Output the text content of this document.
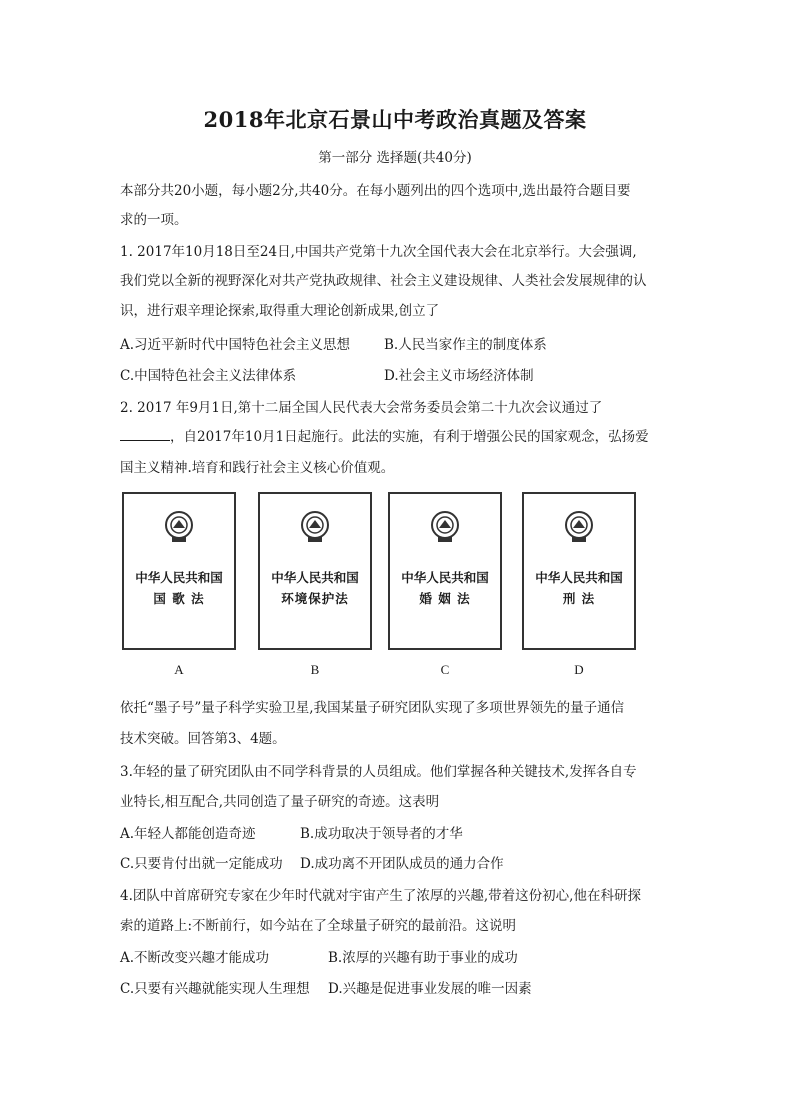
2018年北京石景山中考政治真题及答案
第一部分 选择题(共40分)
本部分共20小题，每小题2分,共40分。在每小题列出的四个选项中,选出最符合题目要
求的一项。
1. 2017年10月18日至24日,中国共产党第十九次全国代表大会在北京举行。大会强调,
我们党以全新的视野深化对共产党执政规律、社会主义建设规律、人类社会发展规律的认
识，进行艰辛理论探索,取得重大理论创新成果,创立了
A.习近平新时代中国特色社会主义思想	B.人民当家作主的制度体系
C.中国特色社会主义法律体系	D.社会主义市场经济体制
2. 2017 年9月1日,第十二届全国人民代表大会常务委员会第二十九次会议通过了
，自2017年10月1日起施行。此法的实施，有利于增强公民的国家观念，弘扬爱
国主义精神.培育和践行社会主义核心价值观。
中华人民共和国
国 歌 法
A
中华人民共和国
环境保护法
B
中华人民共和国
婚 姻 法
C
中华人民共和国
刑 法
D
依托“墨子号”量子科学实验卫星,我国某量子研究团队实现了多项世界领先的量子通信
技术突破。回答第3、4题。
3.年轻的量了研究团队由不同学科背景的人员组成。他们掌握各种关键技术,发挥各自专
业特长,相互配合,共同创造了量子研究的奇迹。这表明
A.年轻人都能创造奇迹	B.成功取决于领导者的才华
C.只要肯付出就一定能成功 D.成功离不开团队成员的通力合作
4.团队中首席研究专家在少年时代就对宇宙产生了浓厚的兴趣,带着这份初心,他在科研探
索的道路上:不断前行，如今站在了全球量子研究的最前沿。这说明
A.不断改变兴趣才能成功	B.浓厚的兴趣有助于事业的成功
C.只要有兴趣就能实现人生理想 D.兴趣是促进事业发展的唯一因素
